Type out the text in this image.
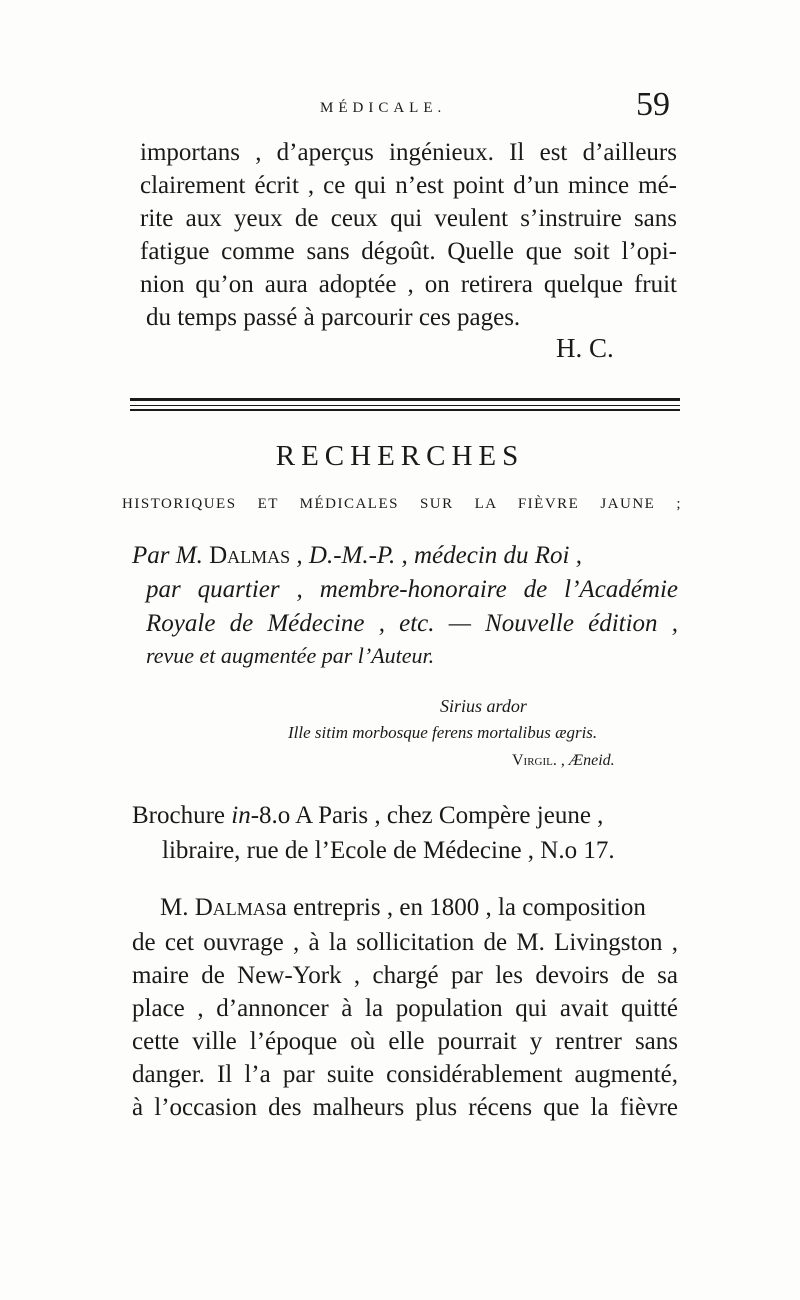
MÉDICALE.	59
importans , d’aperçus ingénieux. Il est d’ailleurs
clairement écrit , ce qui n’est point d’un mince mé-
rite aux yeux de ceux qui veulent s’instruire sans
fatigue comme sans dégoût. Quelle que soit l’opi-
nion qu’on aura adoptée , on retirera quelque fruit
du temps passé à parcourir ces pages.
H. C.
RECHERCHES
HISTORIQUES ET MÉDICALES SUR LA FIÈVRE JAUNE ;
Par M. Dalmas , D.-M.-P. , médecin du Roi ,
par quartier , membre-honoraire de l’Académie
Royale de Médecine , etc. — Nouvelle édition ,
revue et augmentée par l’Auteur.
Sirius ardor
Ille sitim morbosque ferens mortalibus ægris.
Virgil. , Æneid.
Brochure in-8.o A Paris , chez Compère jeune ,
libraire, rue de l’Ecole de Médecine , N.o 17.
M. Dalmas a entrepris , en 1800 , la composition
de cet ouvrage , à la sollicitation de M. Livingston ,
maire de New-York , chargé par les devoirs de sa
place , d’annoncer à la population qui avait quitté
cette ville l’époque où elle pourrait y rentrer sans
danger. Il l’a par suite considérablement augmenté,
à l’occasion des malheurs plus récens que la fièvre
